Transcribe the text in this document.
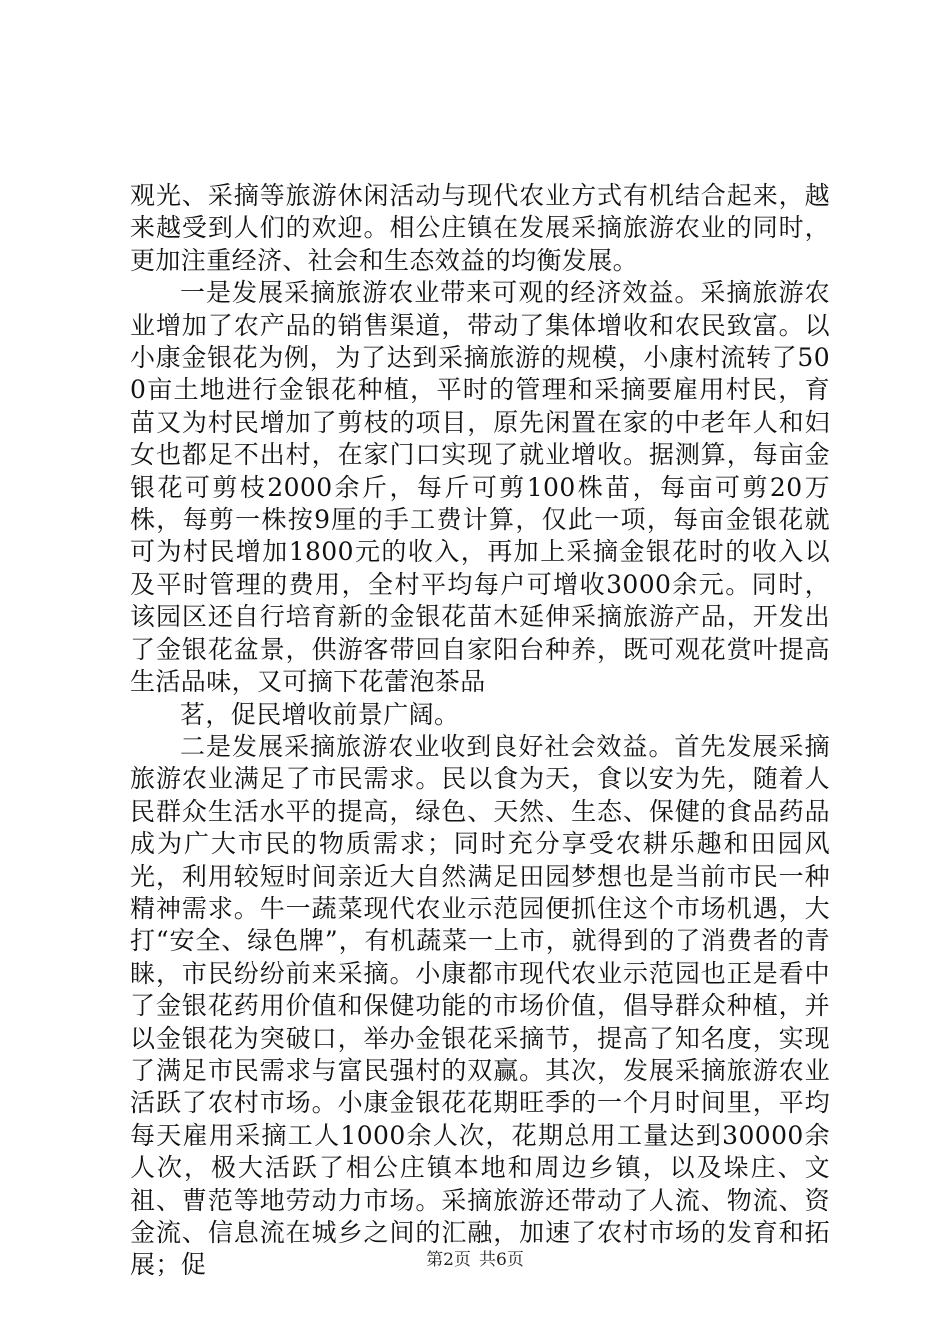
观光、采摘等旅游休闲活动与现代农业方式有机结合起来，越来越受到人们的欢迎。相公庄镇在发展采摘旅游农业的同时，更加注重经济、社会和生态效益的均衡发展。

一是发展采摘旅游农业带来可观的经济效益。采摘旅游农业增加了农产品的销售渠道，带动了集体增收和农民致富。以小康金银花为例，为了达到采摘旅游的规模，小康村流转了500亩土地进行金银花种植，平时的管理和采摘要雇用村民，育苗又为村民增加了剪枝的项目，原先闲置在家的中老年人和妇女也都足不出村，在家门口实现了就业增收。据测算，每亩金银花可剪枝2000余斤，每斤可剪100株苗，每亩可剪20万株，每剪一株按9厘的手工费计算，仅此一项，每亩金银花就可为村民增加1800元的收入，再加上采摘金银花时的收入以及平时管理的费用，全村平均每户可增收3000余元。同时，该园区还自行培育新的金银花苗木延伸采摘旅游产品，开发出了金银花盆景，供游客带回自家阳台种养，既可观花赏叶提高生活品味，又可摘下花蕾泡茶品

茗，促民增收前景广阔。

二是发展采摘旅游农业收到良好社会效益。首先发展采摘旅游农业满足了市民需求。民以食为天，食以安为先，随着人民群众生活水平的提高，绿色、天然、生态、保健的食品药品成为广大市民的物质需求；同时充分享受农耕乐趣和田园风光，利用较短时间亲近大自然满足田园梦想也是当前市民一种精神需求。牛一蔬菜现代农业示范园便抓住这个市场机遇，大打“安全、绿色牌”，有机蔬菜一上市，就得到的了消费者的青睐，市民纷纷前来采摘。小康都市现代农业示范园也正是看中了金银花药用价值和保健功能的市场价值，倡导群众种植，并以金银花为突破口，举办金银花采摘节，提高了知名度，实现了满足市民需求与富民强村的双赢。其次，发展采摘旅游农业活跃了农村市场。小康金银花花期旺季的一个月时间里，平均每天雇用采摘工人1000余人次，花期总用工量达到30000余人次，极大活跃了相公庄镇本地和周边乡镇，以及垛庄、文祖、曹范等地劳动力市场。采摘旅游还带动了人流、物流、资金流、信息流在城乡之间的汇融，加速了农村市场的发育和拓展；促	第2页 共6页
